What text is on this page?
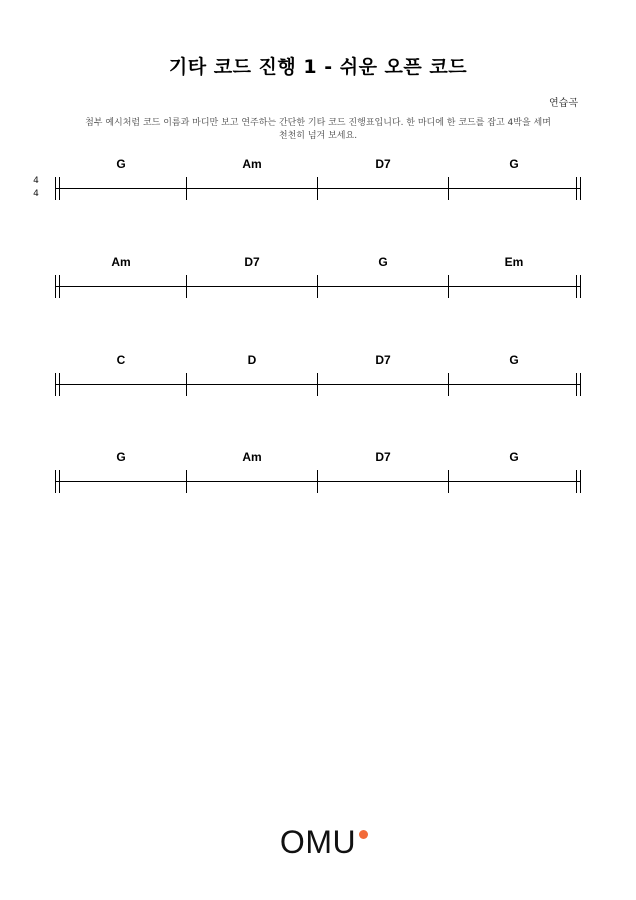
기타 코드 진행 1 - 쉬운 오픈 코드
연습곡
첨부 예시처럼 코드 이름과 마디만 보고 연주하는 간단한 기타 코드 진행표입니다. 한 마디에 한 코드를 잡고 4박을 세며
천천히 넘겨 보세요.
4
4
G	Am	D7	G
Am	D7	G	Em
C	D	D7	G
G	Am	D7	G
OMU
